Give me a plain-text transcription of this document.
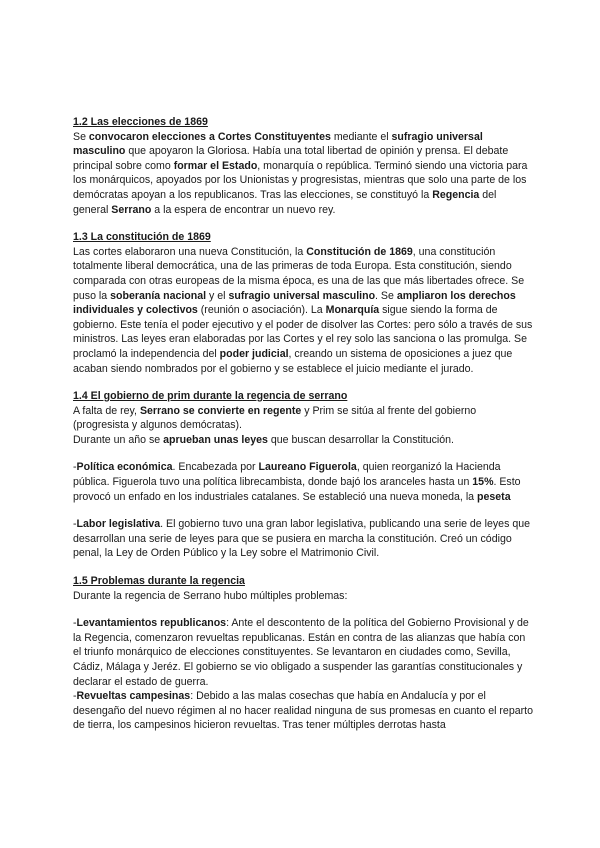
1.2 Las elecciones de 1869

Se convocaron elecciones a Cortes Constituyentes mediante el sufragio universal masculino que apoyaron la Gloriosa. Había una total libertad de opinión y prensa. El debate principal sobre como formar el Estado, monarquía o república. Terminó siendo una victoria para los monárquicos, apoyados por los Unionistas y progresistas, mientras que solo una parte de los demócratas apoyan a los republicanos. Tras las elecciones, se constituyó la Regencia del general Serrano a la espera de encontrar un nuevo rey.

1.3 La constitución de 1869

Las cortes elaboraron una nueva Constitución, la Constitución de 1869, una constitución totalmente liberal democrática, una de las primeras de toda Europa. Esta constitución, siendo comparada con otras europeas de la misma época, es una de las que más libertades ofrece. Se puso la soberanía nacional y el sufragio universal masculino. Se ampliaron los derechos individuales y colectivos (reunión o asociación). La Monarquía sigue siendo la forma de gobierno. Este tenía el poder ejecutivo y el poder de disolver las Cortes: pero sólo a través de sus ministros. Las leyes eran elaboradas por las Cortes y el rey solo las sanciona o las promulga. Se proclamó la independencia del poder judicial, creando un sistema de oposiciones a juez que acaban siendo nombrados por el gobierno y se establece el juicio mediante el jurado.

1.4 El gobierno de prim durante la regencia de serrano

A falta de rey, Serrano se convierte en regente y Prim se sitúa al frente del gobierno (progresista y algunos demócratas).

Durante un año se aprueban unas leyes que buscan desarrollar la Constitución.

-Política económica. Encabezada por Laureano Figuerola, quien reorganizó la Hacienda pública. Figuerola tuvo una política librecambista, donde bajó los aranceles hasta un 15%. Esto provocó un enfado en los industriales catalanes. Se estableció una nueva moneda, la peseta

-Labor legislativa. El gobierno tuvo una gran labor legislativa, publicando una serie de leyes que desarrollan una serie de leyes para que se pusiera en marcha la constitución. Creó un código penal, la Ley de Orden Público y la Ley sobre el Matrimonio Civil.

1.5 Problemas durante la regencia

Durante la regencia de Serrano hubo múltiples problemas:

-Levantamientos republicanos: Ante el descontento de la política del Gobierno Provisional y de la Regencia, comenzaron revueltas republicanas. Están en contra de las alianzas que había con el triunfo monárquico de elecciones constituyentes. Se levantaron en ciudades como, Sevilla, Cádiz, Málaga y Jeréz. El gobierno se vio obligado a suspender las garantías constitucionales y declarar el estado de guerra.

-Revueltas campesinas: Debido a las malas cosechas que había en Andalucía y por el desengaño del nuevo régimen al no hacer realidad ninguna de sus promesas en cuanto el reparto de tierra, los campesinos hicieron revueltas. Tras tener múltiples derrotas hasta
